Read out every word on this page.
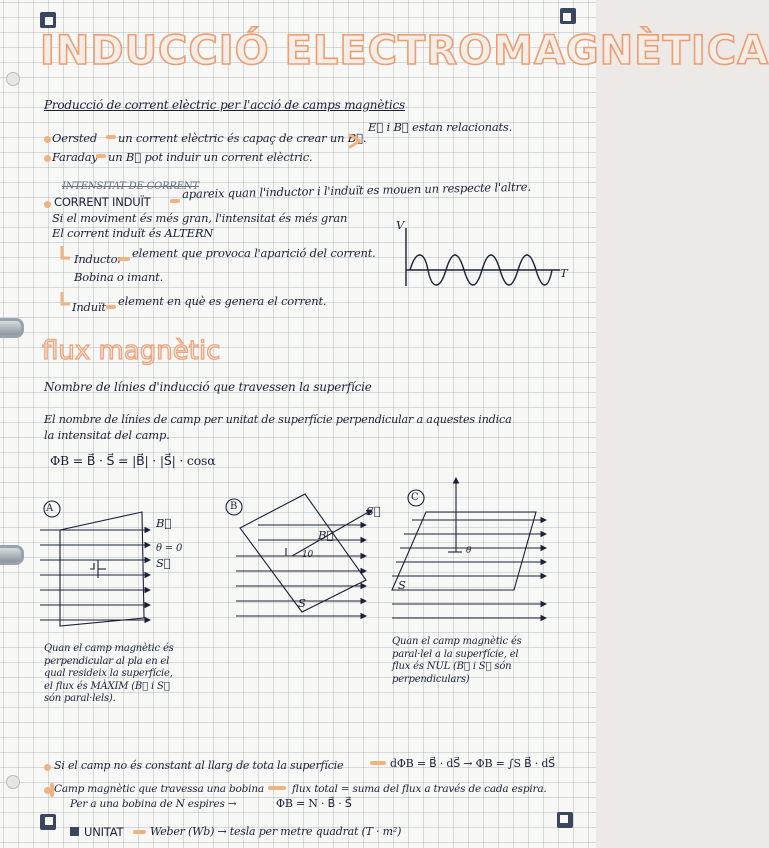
INDUCCIÓ ELECTROMAGNÈTICA
Producció de corrent elèctric per l'acció de camps magnètics
Oersted un corrent elèctric és capaç de crear un B⃗.
E⃗ i B⃗ estan relacionats.
Faraday un B⃗ pot induir un corrent elèctric.
INTENSITAT DE CORRENT
CORRENT INDUÏT
apareix quan l'inductor i l'induït es mouen un respecte l'altre.
Si el moviment és més gran, l'intensitat és més gran
El corrent induït és ALTERN
Inductor element que provoca l'aparició del corrent.
Bobina o imant.
Induït element en què es genera el corrent.
V
T
flux magnètic
Nombre de línies d'inducció que travessen la superfície
El nombre de línies de camp per unitat de superfície perpendicular a aquestes indica
la intensitat del camp.
ΦB = B⃗ · S⃗ = |B⃗| · |S⃗| · cosα
A
B⃗
θ = 0
S⃗
B
B⃗
S⃗
10
S
C
θ
S
Quan el camp magnètic és
perpendicular al pla en el
qual resideix la superfície,
el flux és MÀXIM (B⃗ i S⃗
són paral·lels).
Quan el camp magnètic és
paral·lel a la superfície, el
flux és NUL (B⃗ i S⃗ són
perpendiculars)
Si el camp no és constant al llarg de tota la superfície	dΦB = B⃗ · dS⃗ → ΦB = ∫S B⃗ · dS⃗
Camp magnètic que travessa una bobina	flux total = suma del flux a través de cada espira.
Per a una bobina de N espires →	ΦB = N · B⃗ · S⃗
UNITAT Weber (Wb) → tesla per metre quadrat (T · m²)
